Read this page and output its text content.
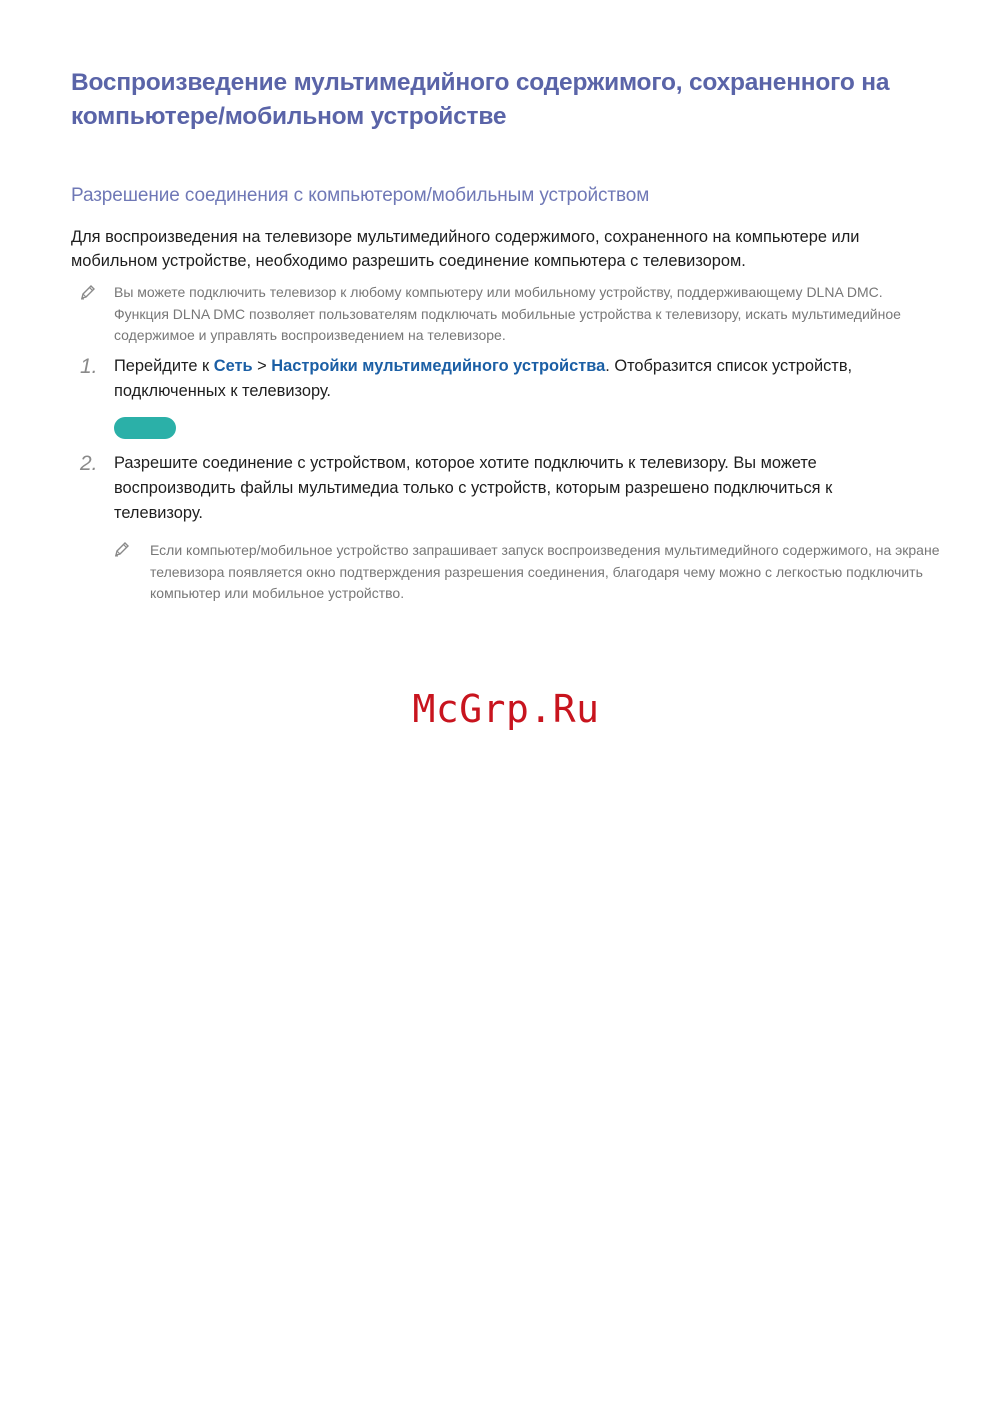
Воспроизведение мультимедийного содержимого, сохраненного на компьютере/мобильном устройстве
Разрешение соединения с компьютером/мобильным устройством

Для воспроизведения на телевизоре мультимедийного содержимого, сохраненного на компьютере или мобильном устройстве, необходимо разрешить соединение компьютера с телевизором.

Вы можете подключить телевизор к любому компьютеру или мобильному устройству, поддерживающему DLNA DMC. Функция DLNA DMC позволяет пользователям подключать мобильные устройства к телевизору, искать мультимедийное содержимое и управлять воспроизведением на телевизоре.

1. Перейдите к Сеть > Настройки мультимедийного устройства. Отобразится список устройств, подключенных к телевизору.

2. Разрешите соединение с устройством, которое хотите подключить к телевизору. Вы можете воспроизводить файлы мультимедиа только с устройств, которым разрешено подключиться к телевизору.

Если компьютер/мобильное устройство запрашивает запуск воспроизведения мультимедийного содержимого, на экране телевизора появляется окно подтверждения разрешения соединения, благодаря чему можно с легкостью подключить компьютер или мобильное устройство.

McGrp.Ru
